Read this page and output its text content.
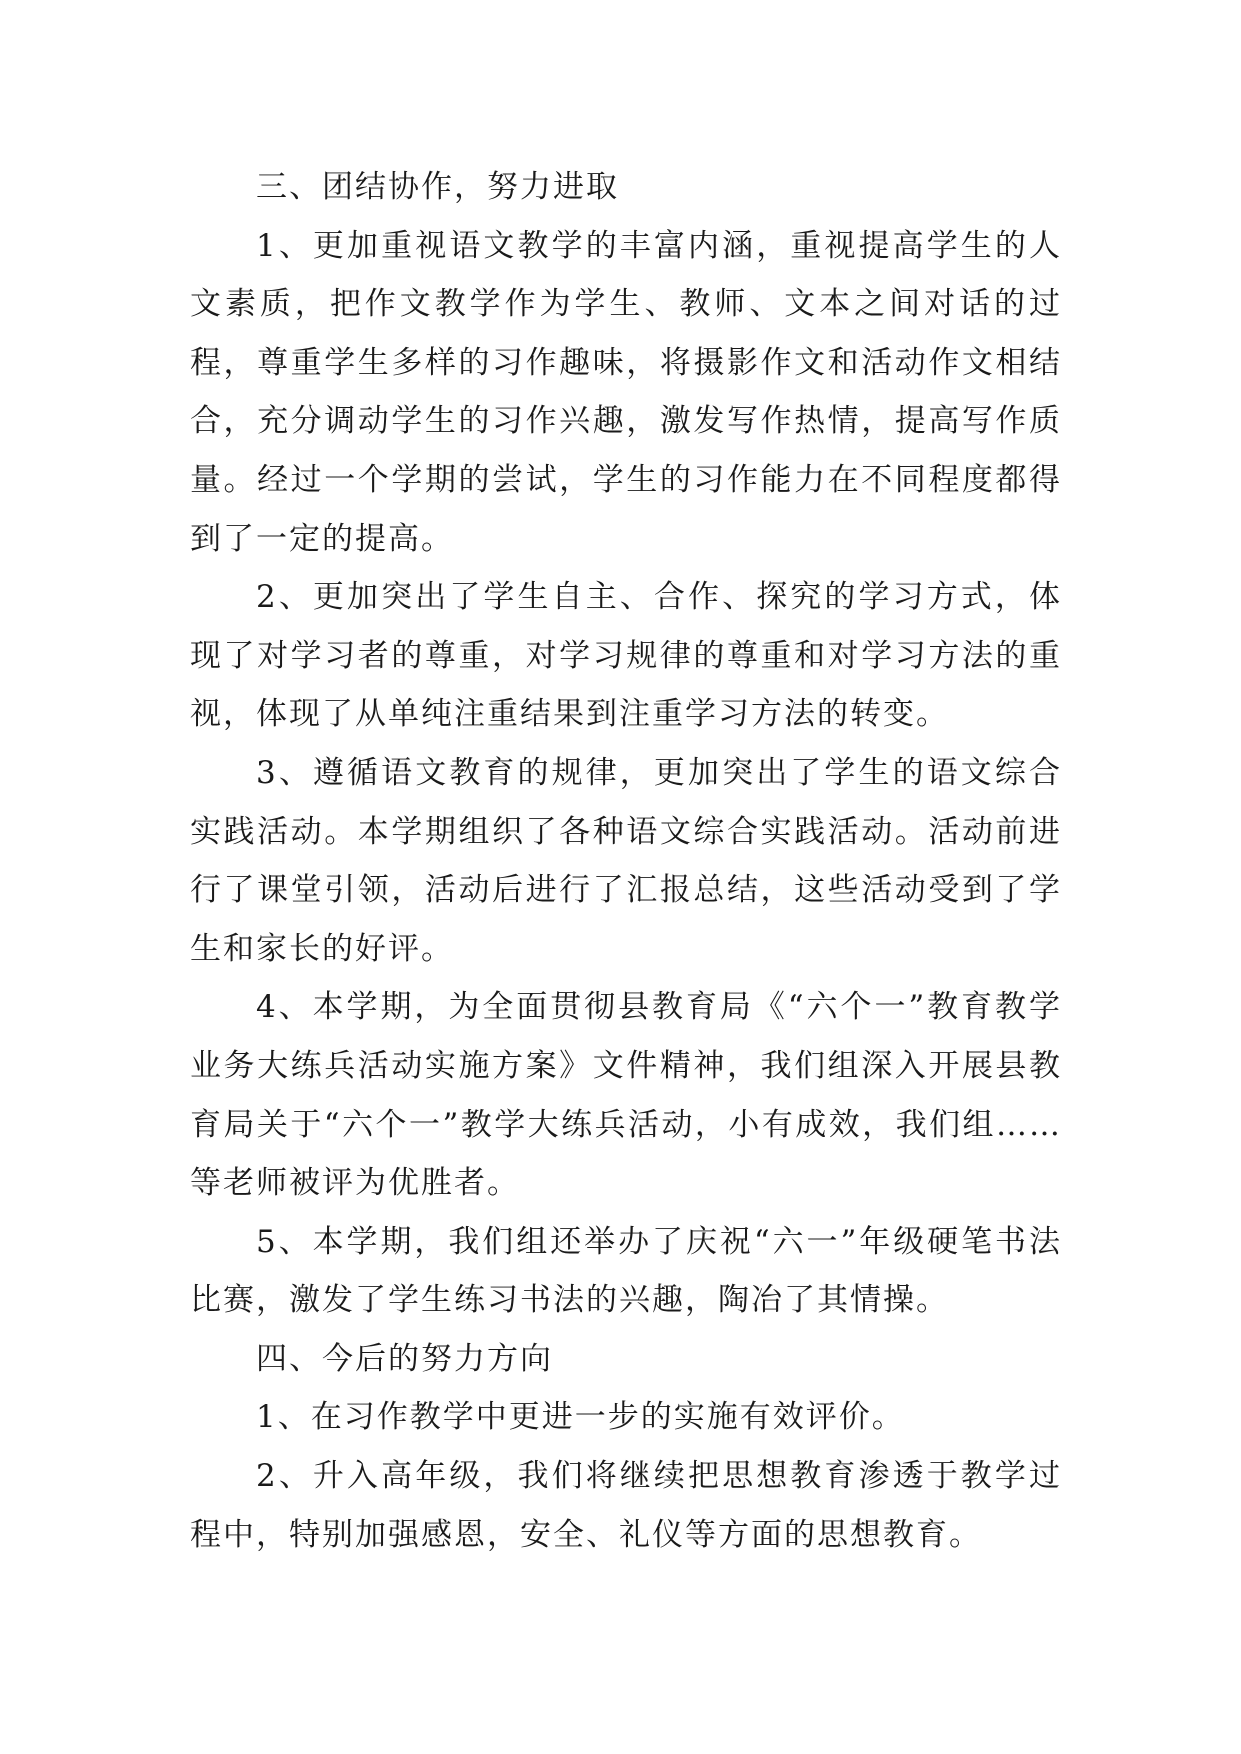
三、团结协作，努力进取

1、更加重视语文教学的丰富内涵，重视提高学生的人文素质，把作文教学作为学生、教师、文本之间对话的过程，尊重学生多样的习作趣味，将摄影作文和活动作文相结合，充分调动学生的习作兴趣，激发写作热情，提高写作质量。经过一个学期的尝试，学生的习作能力在不同程度都得到了一定的提高。

2、更加突出了学生自主、合作、探究的学习方式，体现了对学习者的尊重，对学习规律的尊重和对学习方法的重视，体现了从单纯注重结果到注重学习方法的转变。

3、遵循语文教育的规律，更加突出了学生的语文综合实践活动。本学期组织了各种语文综合实践活动。活动前进行了课堂引领，活动后进行了汇报总结，这些活动受到了学生和家长的好评。

4、本学期，为全面贯彻县教育局《“六个一”教育教学业务大练兵活动实施方案》文件精神，我们组深入开展县教育局关于“六个一”教学大练兵活动，小有成效，我们组……等老师被评为优胜者。

5、本学期，我们组还举办了庆祝“六一”年级硬笔书法比赛，激发了学生练习书法的兴趣，陶冶了其情操。

四、今后的努力方向

1、在习作教学中更进一步的实施有效评价。

2、升入高年级，我们将继续把思想教育渗透于教学过程中，特别加强感恩，安全、礼仪等方面的思想教育。
